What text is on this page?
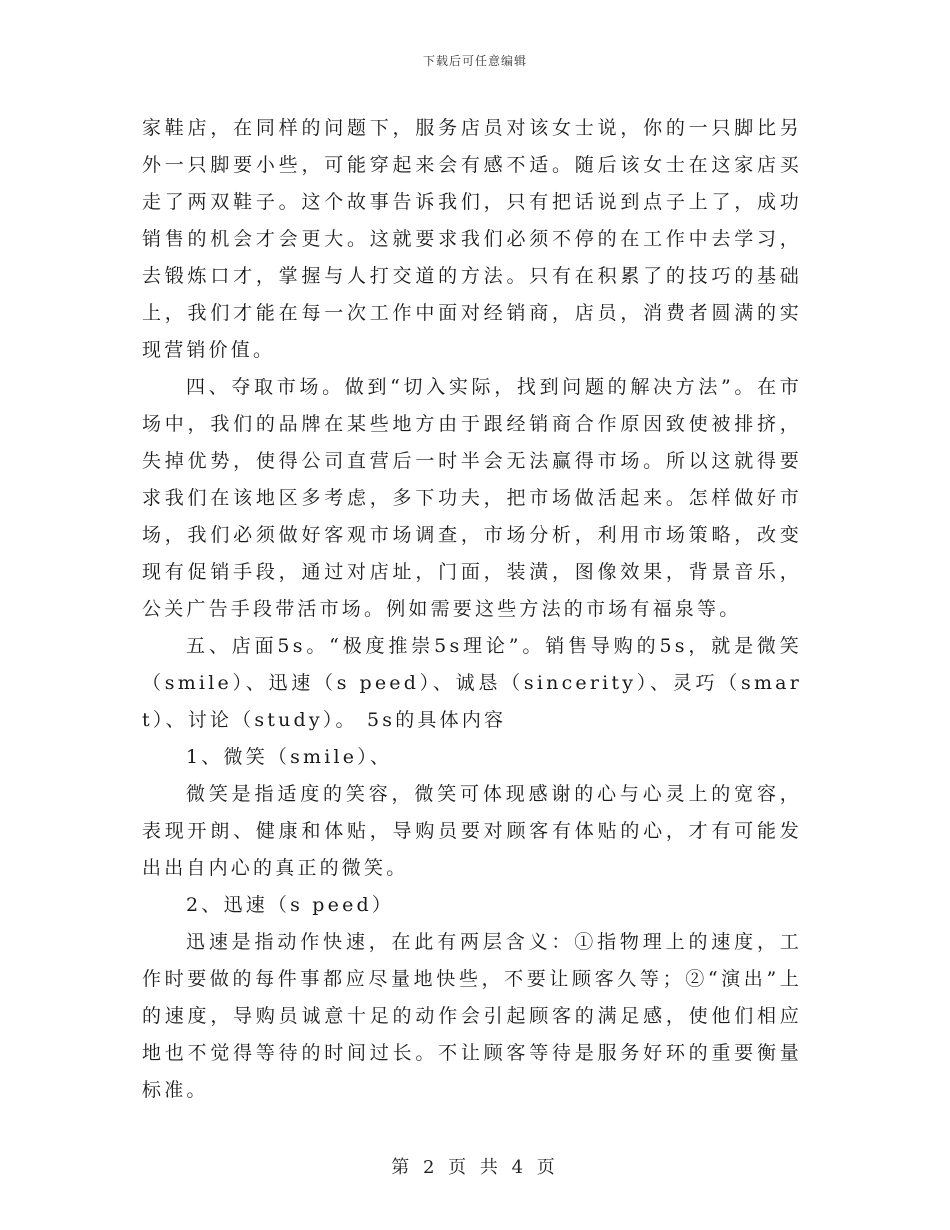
下载后可任意编辑

家鞋店，在同样的问题下，服务店员对该女士说，你的一只脚比另外一只脚要小些，可能穿起来会有感不适。随后该女士在这家店买走了两双鞋子。这个故事告诉我们，只有把话说到点子上了，成功销售的机会才会更大。这就要求我们必须不停的在工作中去学习，去锻炼口才，掌握与人打交道的方法。只有在积累了的技巧的基础上，我们才能在每一次工作中面对经销商，店员，消费者圆满的实现营销价值。

四、夺取市场。做到“切入实际，找到问题的解决方法”。在市场中，我们的品牌在某些地方由于跟经销商合作原因致使被排挤，失掉优势，使得公司直营后一时半会无法赢得市场。所以这就得要求我们在该地区多考虑，多下功夫，把市场做活起来。怎样做好市场，我们必须做好客观市场调查，市场分析，利用市场策略，改变现有促销手段，通过对店址，门面，装潢，图像效果，背景音乐，公关广告手段带活市场。例如需要这些方法的市场有福泉等。

五、店面5s。“极度推崇5s理论”。销售导购的5s，就是微笑（smile）、迅速（s peed）、诚恳（sincerity）、灵巧（smart）、讨论（study）。 5s的具体内容

1、微笑（smile）、

微笑是指适度的笑容，微笑可体现感谢的心与心灵上的宽容，表现开朗、健康和体贴，导购员要对顾客有体贴的心，才有可能发出出自内心的真正的微笑。

2、迅速（s peed）

迅速是指动作快速，在此有两层含义：①指物理上的速度，工作时要做的每件事都应尽量地快些，不要让顾客久等；②“演出”上的速度，导购员诚意十足的动作会引起顾客的满足感，使他们相应地也不觉得等待的时间过长。不让顾客等待是服务好环的重要衡量标准。

第 2 页 共 4 页
